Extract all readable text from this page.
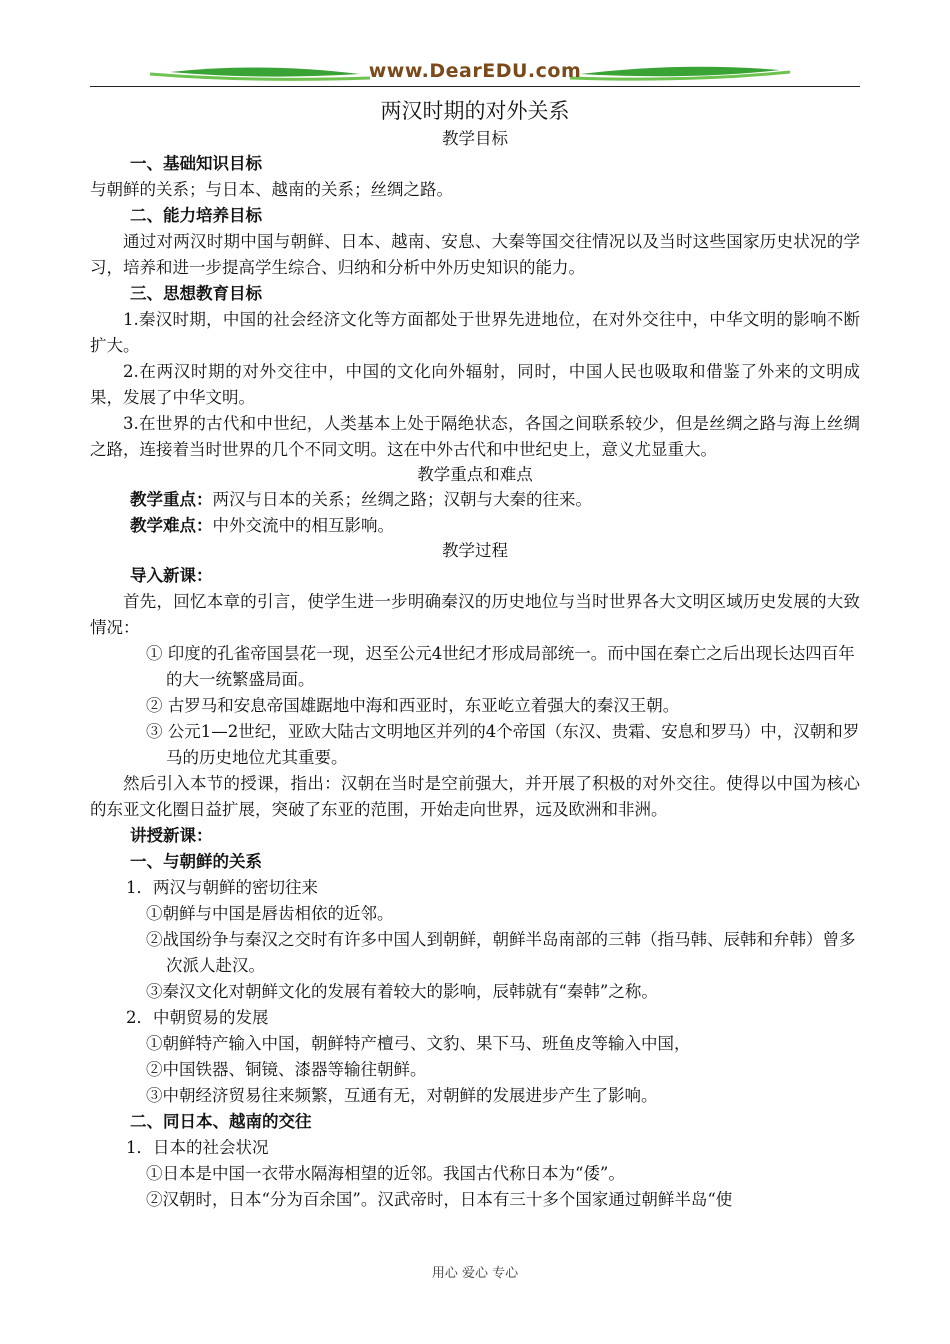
www.DearEDU.com
两汉时期的对外关系
教学目标
一、基础知识目标
与朝鲜的关系；与日本、越南的关系；丝绸之路。
二、能力培养目标
通过对两汉时期中国与朝鲜、日本、越南、安息、大秦等国交往情况以及当时这些国家历史状况的学习，培养和进一步提高学生综合、归纳和分析中外历史知识的能力。
三、思想教育目标
1.秦汉时期，中国的社会经济文化等方面都处于世界先进地位，在对外交往中，中华文明的影响不断扩大。
2.在两汉时期的对外交往中，中国的文化向外辐射，同时，中国人民也吸取和借鉴了外来的文明成果，发展了中华文明。
3.在世界的古代和中世纪，人类基本上处于隔绝状态，各国之间联系较少，但是丝绸之路与海上丝绸之路，连接着当时世界的几个不同文明。这在中外古代和中世纪史上，意义尤显重大。
教学重点和难点
教学重点：两汉与日本的关系；丝绸之路；汉朝与大秦的往来。
教学难点：中外交流中的相互影响。
教学过程
导入新课：
首先，回忆本章的引言，使学生进一步明确秦汉的历史地位与当时世界各大文明区域历史发展的大致情况：
① 印度的孔雀帝国昙花一现，迟至公元4世纪才形成局部统一。而中国在秦亡之后出现长达四百年的大一统繁盛局面。
② 古罗马和安息帝国雄踞地中海和西亚时，东亚屹立着强大的秦汉王朝。
③ 公元1—2世纪，亚欧大陆古文明地区并列的4个帝国（东汉、贵霜、安息和罗马）中，汉朝和罗马的历史地位尤其重要。
然后引入本节的授课，指出：汉朝在当时是空前强大，并开展了积极的对外交往。使得以中国为核心的东亚文化圈日益扩展，突破了东亚的范围，开始走向世界，远及欧洲和非洲。
讲授新课：
一、与朝鲜的关系
1．两汉与朝鲜的密切往来
①朝鲜与中国是唇齿相依的近邻。
②战国纷争与秦汉之交时有许多中国人到朝鲜，朝鲜半岛南部的三韩（指马韩、辰韩和弁韩）曾多次派人赴汉。
③秦汉文化对朝鲜文化的发展有着较大的影响，辰韩就有“秦韩”之称。
2．中朝贸易的发展
①朝鲜特产输入中国，朝鲜特产檀弓、文豹、果下马、班鱼皮等输入中国，
②中国铁器、铜镜、漆器等输往朝鲜。
③中朝经济贸易往来频繁，互通有无，对朝鲜的发展进步产生了影响。
二、同日本、越南的交往
1．日本的社会状况
①日本是中国一衣带水隔海相望的近邻。我国古代称日本为“倭”。
②汉朝时，日本“分为百余国”。汉武帝时，日本有三十多个国家通过朝鲜半岛“使
用心 爱心 专心
